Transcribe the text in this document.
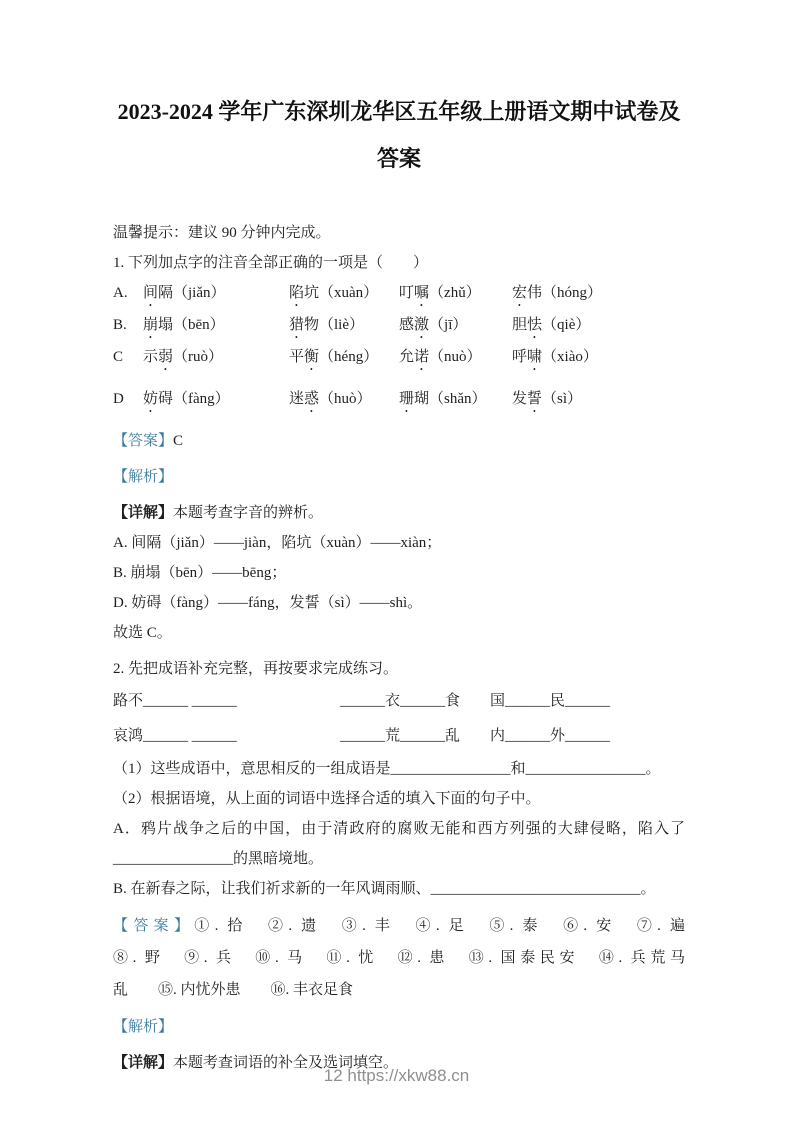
2023-2024 学年广东深圳龙华区五年级上册语文期中试卷及
答案

温馨提示：建议 90 分钟内完成。

1. 下列加点字的注音全部正确的一项是（　　）

A.	间隔（jiǎn）	陷坑（xuàn）	叮嘱（zhǔ）	宏伟（hóng）

B.	崩塌（bēn）	猎物（liè）	感激（jī）	胆怯（qiè）

C	示弱（ruò）	平衡（héng）	允诺（nuò）	呼啸（xiào）

D	妨碍（fàng）	迷惑（huò）	珊瑚（shǎn）	发誓（sì）

【答案】C

【解析】

【详解】本题考查字音的辨析。

A. 间隔（jiǎn）——jiàn，陷坑（xuàn）——xiàn；

B. 崩塌（bēn）——bēng；

D. 妨碍（fàng）——fáng，发誓（sì）——shì。

故选 C。

2. 先把成语补充完整，再按要求完成练习。

路不______ ______	______衣______食	国______民______

哀鸿______ ______	______荒______乱	内______外______

（1）这些成语中，意思相反的一组成语是________________和________________。

（2）根据语境，从上面的词语中选择合适的填入下面的句子中。

A．鸦片战争之后的中国，由于清政府的腐败无能和西方列强的大肆侵略，陷入了

________________的黑暗境地。

B. 在新春之际，让我们祈求新的一年风调雨顺、____________________________。

【答案】①. 拾　②. 遗　③. 丰　④. 足　⑤. 泰　⑥. 安　⑦. 遍

⑧. 野　⑨. 兵　⑩. 马　⑪. 忧　⑫. 患　⑬. 国泰民安　⑭. 兵荒马

乱　　⑮. 内忧外患　　⑯. 丰衣足食

【解析】

【详解】本题考查词语的补全及选词填空。

12 https://xkw88.cn
